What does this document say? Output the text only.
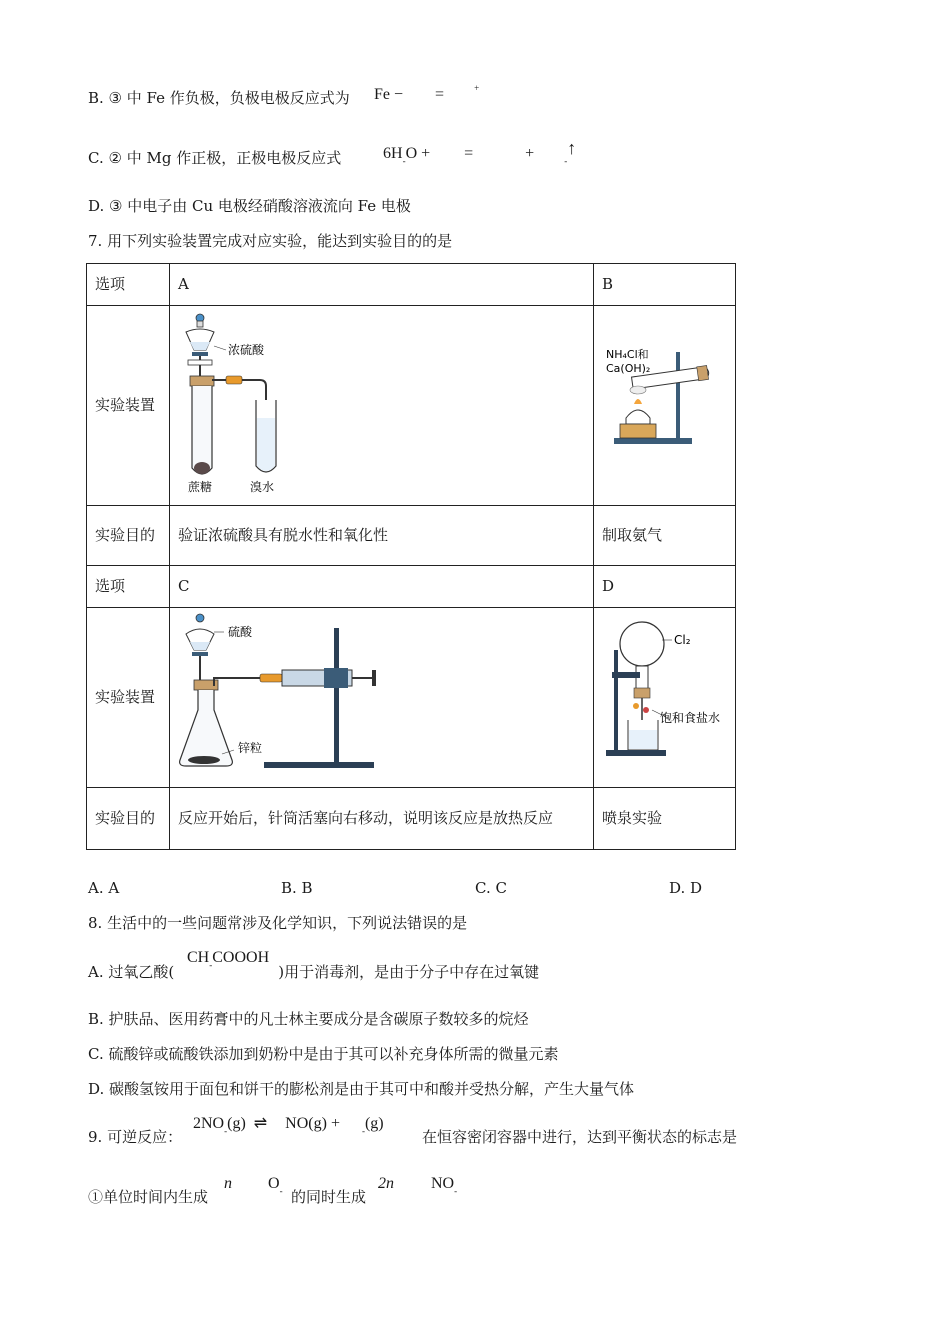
B. ③ 中 Fe 作负极，负极电极反应式为 Fe − =	+
C. ② 中 Mg 作正极，正极电极反应式	$6H_-O$ + =	+	$_-$↑
D. ③ 中电子由 Cu 电极经硝酸溶液流向 Fe 电极
7. 用下列实验装置完成对应实验，能达到实验目的的是
选项	A	B
实验装置	浓硫酸
蔗糖 溴水	NH₄Cl和
Ca(OH)₂

实验目的	验证浓硫酸具有脱水性和氧化性	制取氨气
选项	C	D
实验装置	硫酸
锌粒	Cl₂
饱和食盐水

实验目的	反应开始后，针筒活塞向右移动，说明该反应是放热反应	喷泉实验
A. A	B. B	C. C	D. D
8. 生活中的一些问题常涉及化学知识，下列说法错误的是
A. 过氧乙酸(	)用于消毒剂，是由于分子中存在过氧键
$CH_-COOOH$
B. 护肤品、医用药膏中的凡士林主要成分是含碳原子数较多的烷烃
C. 硫酸锌或硫酸铁添加到奶粉中是由于其可以补充身体所需的微量元素
D. 碳酸氢铵用于面包和饼干的膨松剂是由于其可中和酸并受热分解，产生大量气体
9. 可逆反应：
$2NO_-(g)$ ⇌ NO(g) + $_-$(g)
在恒容密闭容器中进行，达到平衡状态的标志是
①单位时间内生成
n $O_-$ 的同时生成
2n $NO_-$
